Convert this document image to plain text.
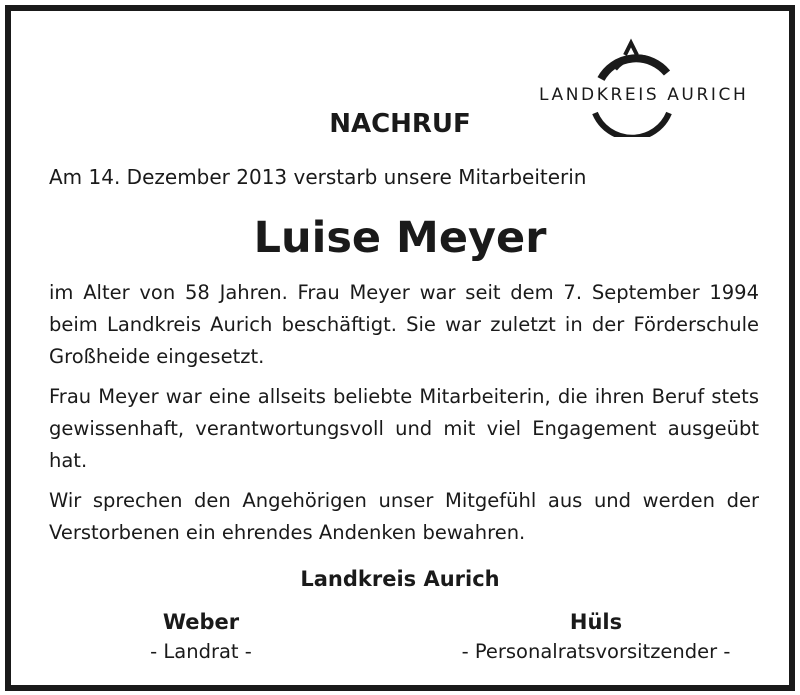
LANDKREIS AURICH
NACHRUF
Am 14. Dezember 2013 verstarb unsere Mitarbeiterin
Luise Meyer
im Alter von 58 Jahren. Frau Meyer war seit dem 7. September 1994 beim Landkreis Aurich beschäftigt. Sie war zuletzt in der Förderschule Großheide eingesetzt.
Frau Meyer war eine allseits beliebte Mitarbeiterin, die ihren Beruf stets gewissenhaft, verantwortungsvoll und mit viel Engagement ausgeübt hat.
Wir sprechen den Angehörigen unser Mitgefühl aus und werden der Verstorbenen ein ehrendes Andenken bewahren.
Landkreis Aurich
Weber
- Landrat -
Hüls
- Personalratsvorsitzender -
